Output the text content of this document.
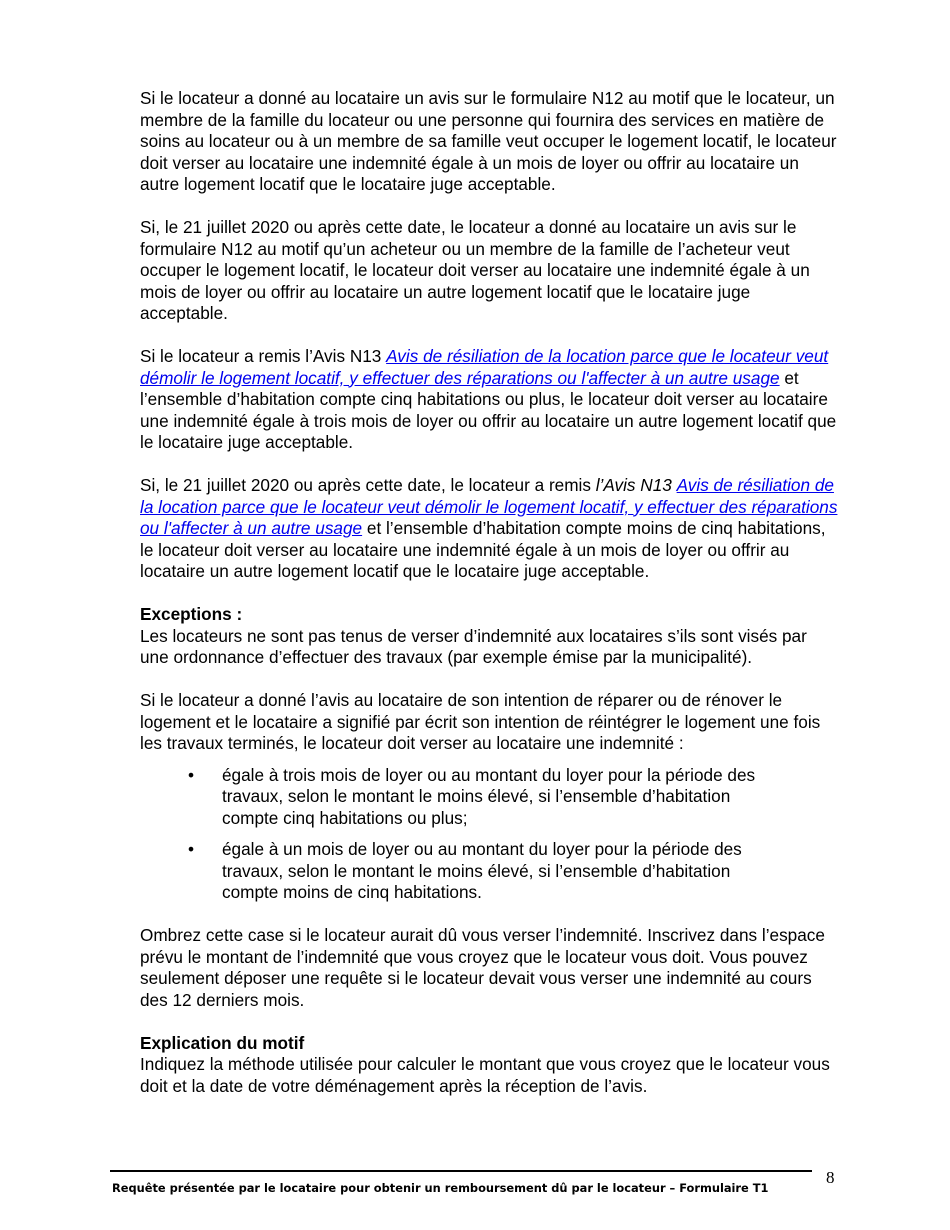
Si le locateur a donné au locataire un avis sur le formulaire N12 au motif que le locateur, un membre de la famille du locateur ou une personne qui fournira des services en matière de soins au locateur ou à un membre de sa famille veut occuper le logement locatif, le locateur doit verser au locataire une indemnité égale à un mois de loyer ou offrir au locataire un autre logement locatif que le locataire juge acceptable.

Si, le 21 juillet 2020 ou après cette date, le locateur a donné au locataire un avis sur le formulaire N12 au motif qu’un acheteur ou un membre de la famille de l’acheteur veut occuper le logement locatif, le locateur doit verser au locataire une indemnité égale à un mois de loyer ou offrir au locataire un autre logement locatif que le locataire juge acceptable.

Si le locateur a remis l’Avis N13 Avis de résiliation de la location parce que le locateur veut démolir le logement locatif, y effectuer des réparations ou l'affecter à un autre usage et l’ensemble d’habitation compte cinq habitations ou plus, le locateur doit verser au locataire une indemnité égale à trois mois de loyer ou offrir au locataire un autre logement locatif que le locataire juge acceptable.

Si, le 21 juillet 2020 ou après cette date, le locateur a remis l’Avis N13 Avis de résiliation de la location parce que le locateur veut démolir le logement locatif, y effectuer des réparations ou l'affecter à un autre usage et l’ensemble d’habitation compte moins de cinq habitations, le locateur doit verser au locataire une indemnité égale à un mois de loyer ou offrir au locataire un autre logement locatif que le locataire juge acceptable.

Exceptions :
Les locateurs ne sont pas tenus de verser d’indemnité aux locataires s’ils sont visés par une ordonnance d’effectuer des travaux (par exemple émise par la municipalité).

Si le locateur a donné l’avis au locataire de son intention de réparer ou de rénover le logement et le locataire a signifié par écrit son intention de réintégrer le logement une fois les travaux terminés, le locateur doit verser au locataire une indemnité :

• égale à trois mois de loyer ou au montant du loyer pour la période des travaux, selon le montant le moins élevé, si l’ensemble d’habitation compte cinq habitations ou plus;
• égale à un mois de loyer ou au montant du loyer pour la période des travaux, selon le montant le moins élevé, si l’ensemble d’habitation compte moins de cinq habitations.

Ombrez cette case si le locateur aurait dû vous verser l’indemnité. Inscrivez dans l’espace prévu le montant de l’indemnité que vous croyez que le locateur vous doit. Vous pouvez seulement déposer une requête si le locateur devait vous verser une indemnité au cours des 12 derniers mois.

Explication du motif
Indiquez la méthode utilisée pour calculer le montant que vous croyez que le locateur vous doit et la date de votre déménagement après la réception de l’avis.

8
Requête présentée par le locataire pour obtenir un remboursement dû par le locateur – Formulaire T1
